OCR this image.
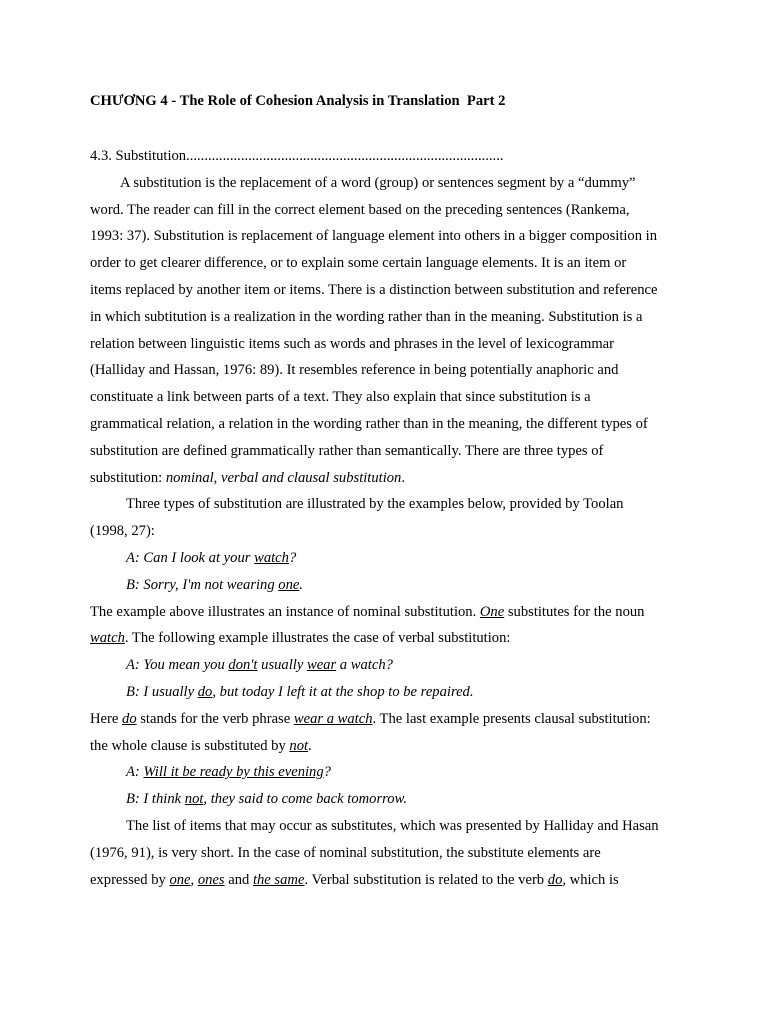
CHƯƠNG 4 - The Role of Cohesion Analysis in Translation  Part 2
4.3. Substitution.......................................................................................
A substitution is the replacement of a word (group) or sentences segment by a “dummy”
word. The reader can fill in the correct element based on the preceding sentences (Rankema,
1993: 37). Substitution is replacement of language element into others in a bigger composition in
order to get clearer difference, or to explain some certain language elements. It is an item or
items replaced by another item or items. There is a distinction between substitution and reference
in which subtitution is a realization in the wording rather than in the meaning. Substitution is a
relation between linguistic items such as words and phrases in the level of lexicogrammar
(Halliday and Hassan, 1976: 89). It resembles reference in being potentially anaphoric and
constituate a link between parts of a text. They also explain that since substitution is a
grammatical relation, a relation in the wording rather than in the meaning, the different types of
substitution are defined grammatically rather than semantically. There are three types of
substitution: nominal, verbal and clausal substitution.
Three types of substitution are illustrated by the examples below, provided by Toolan
(1998, 27):
A: Can I look at your watch?
B: Sorry, I'm not wearing one.
The example above illustrates an instance of nominal substitution. One substitutes for the noun
watch. The following example illustrates the case of verbal substitution:
A: You mean you don't usually wear a watch?
B: I usually do, but today I left it at the shop to be repaired.
Here do stands for the verb phrase wear a watch. The last example presents clausal substitution:
the whole clause is substituted by not.
A: Will it be ready by this evening?
B: I think not, they said to come back tomorrow.
The list of items that may occur as substitutes, which was presented by Halliday and Hasan
(1976, 91), is very short. In the case of nominal substitution, the substitute elements are
expressed by one, ones and the same. Verbal substitution is related to the verb do, which is
